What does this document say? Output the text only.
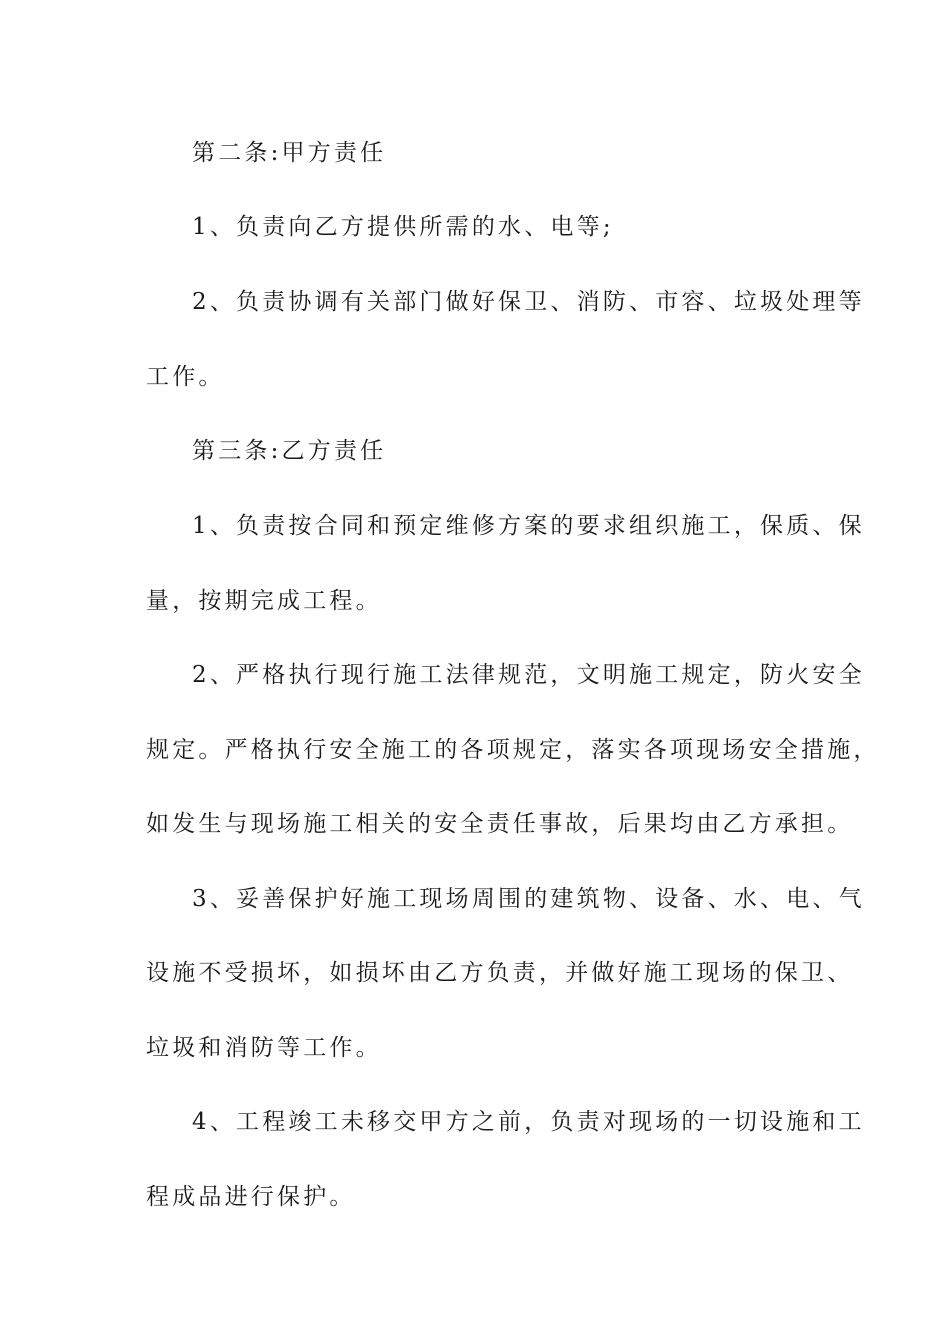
第二条:甲方责任
1、负责向乙方提供所需的水、电等;
2、负责协调有关部门做好保卫、消防、市容、垃圾处理等
工作。
第三条:乙方责任
1、负责按合同和预定维修方案的要求组织施工，保质、保
量，按期完成工程。
2、严格执行现行施工法律规范，文明施工规定，防火安全
规定。严格执行安全施工的各项规定，落实各项现场安全措施，
如发生与现场施工相关的安全责任事故，后果均由乙方承担。
3、妥善保护好施工现场周围的建筑物、设备、水、电、气
设施不受损坏，如损坏由乙方负责，并做好施工现场的保卫、
垃圾和消防等工作。
4、工程竣工未移交甲方之前，负责对现场的一切设施和工
程成品进行保护。
